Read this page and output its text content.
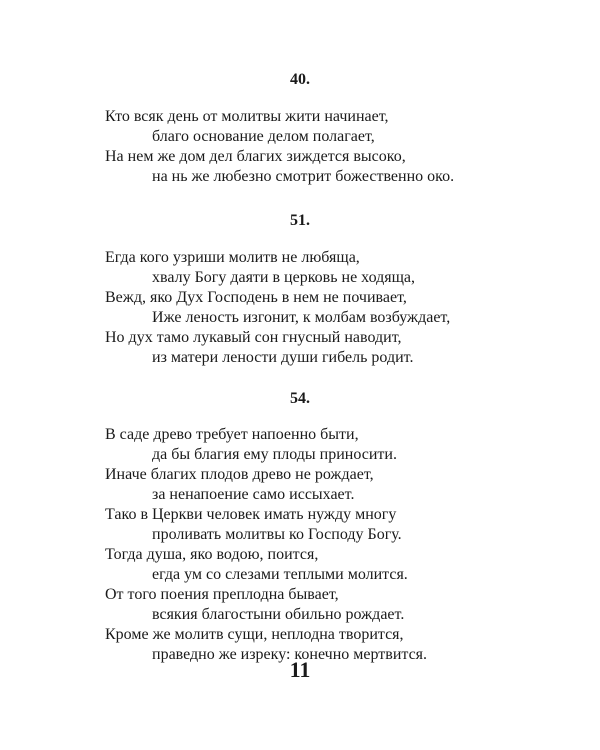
40.
Кто всяк день от молитвы жити начинает,
благо основание делом полагает,
На нем же дом дел благих зиждется высоко,
на нь же любезно смотрит божественно око.
51.
Егда кого узриши молитв не любяща,
хвалу Богу даяти в церковь не ходяща,
Вежд, яко Дух Господень в нем не почивает,
Иже леность изгонит, к молбам возбуждает,
Но дух тамо лукавый сон гнусный наводит,
из матери лености души гибель родит.
54.
В саде древо требует напоенно быти,
да бы благия ему плоды приносити.
Иначе благих плодов древо не рождает,
за ненапоение само иссыхает.
Тако в Церкви человек имать нужду многу
проливать молитвы ко Господу Богу.
Тогда душа, яко водою, поится,
егда ум со слезами теплыми молится.
От того поения преплодна бывает,
всякия благостыни обильно рождает.
Кроме же молитв сущи, неплодна творится,
праведно же изреку: конечно мертвится.
11
